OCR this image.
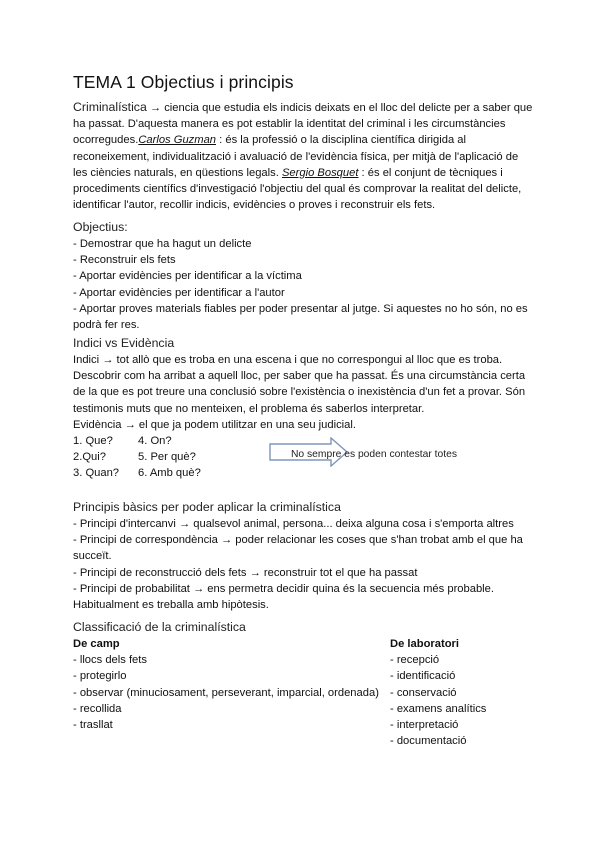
TEMA 1 Objectius i principis
Criminalística → ciencia que estudia els indicis deixats en el lloc del delicte per a saber que
ha passat. D'aquesta manera es pot establir la identitat del criminal i les circumstàncies
ocorregudes.Carlos Guzman : és la professió o la disciplina científica dirigida al
reconeixement, individualització i avaluació de l'evidència física, per mitjà de l'aplicació de
les ciències naturals, en qüestions legals. Sergio Bosquet : és el conjunt de tècniques i
procediments científics d'investigació l'objectiu del qual és comprovar la realitat del delicte,
identificar l'autor, recollir indicis, evidències o proves i reconstruir els fets.
Objectius:
- Demostrar que ha hagut un delicte
- Reconstruir els fets
- Aportar evidències per identificar a la víctima
- Aportar evidències per identificar a l'autor
- Aportar proves materials fiables per poder presentar al jutge. Si aquestes no ho són, no es
podrà fer res.
Indici vs Evidència
Indici → tot allò que es troba en una escena i que no correspongui al lloc que es troba.
Descobrir com ha arribat a aquell lloc, per saber que ha passat. És una circumstància certa
de la que es pot treure una conclusió sobre l'existència o inexistència d'un fet a provar. Són
testimonis muts que no menteixen, el problema és saberlos interpretar.
Evidència → el que ja podem utilitzar en una seu judicial.
1. Que? 4. On?
2.Qui?	5. Per què?
3. Quan? 6. Amb què?
No sempre es poden contestar totes
Principis bàsics per poder aplicar la criminalística
- Principi d'intercanvi → qualsevol animal, persona... deixa alguna cosa i s'emporta altres
- Principi de correspondència → poder relacionar les coses que s'han trobat amb el que ha
succeït.
- Principi de reconstrucció dels fets → reconstruir tot el que ha passat
- Principi de probabilitat → ens permetra decidir quina és la secuencia més probable.
Habitualment es treballa amb hipòtesis.
Classificació de la criminalística
De camp
- llocs dels fets
- protegirlo
- observar (minuciosament, perseverant, imparcial, ordenada)
- recollida
- trasllat
De laboratori
- recepció
- identificació
- conservació
- examens analítics
- interpretació
- documentació
